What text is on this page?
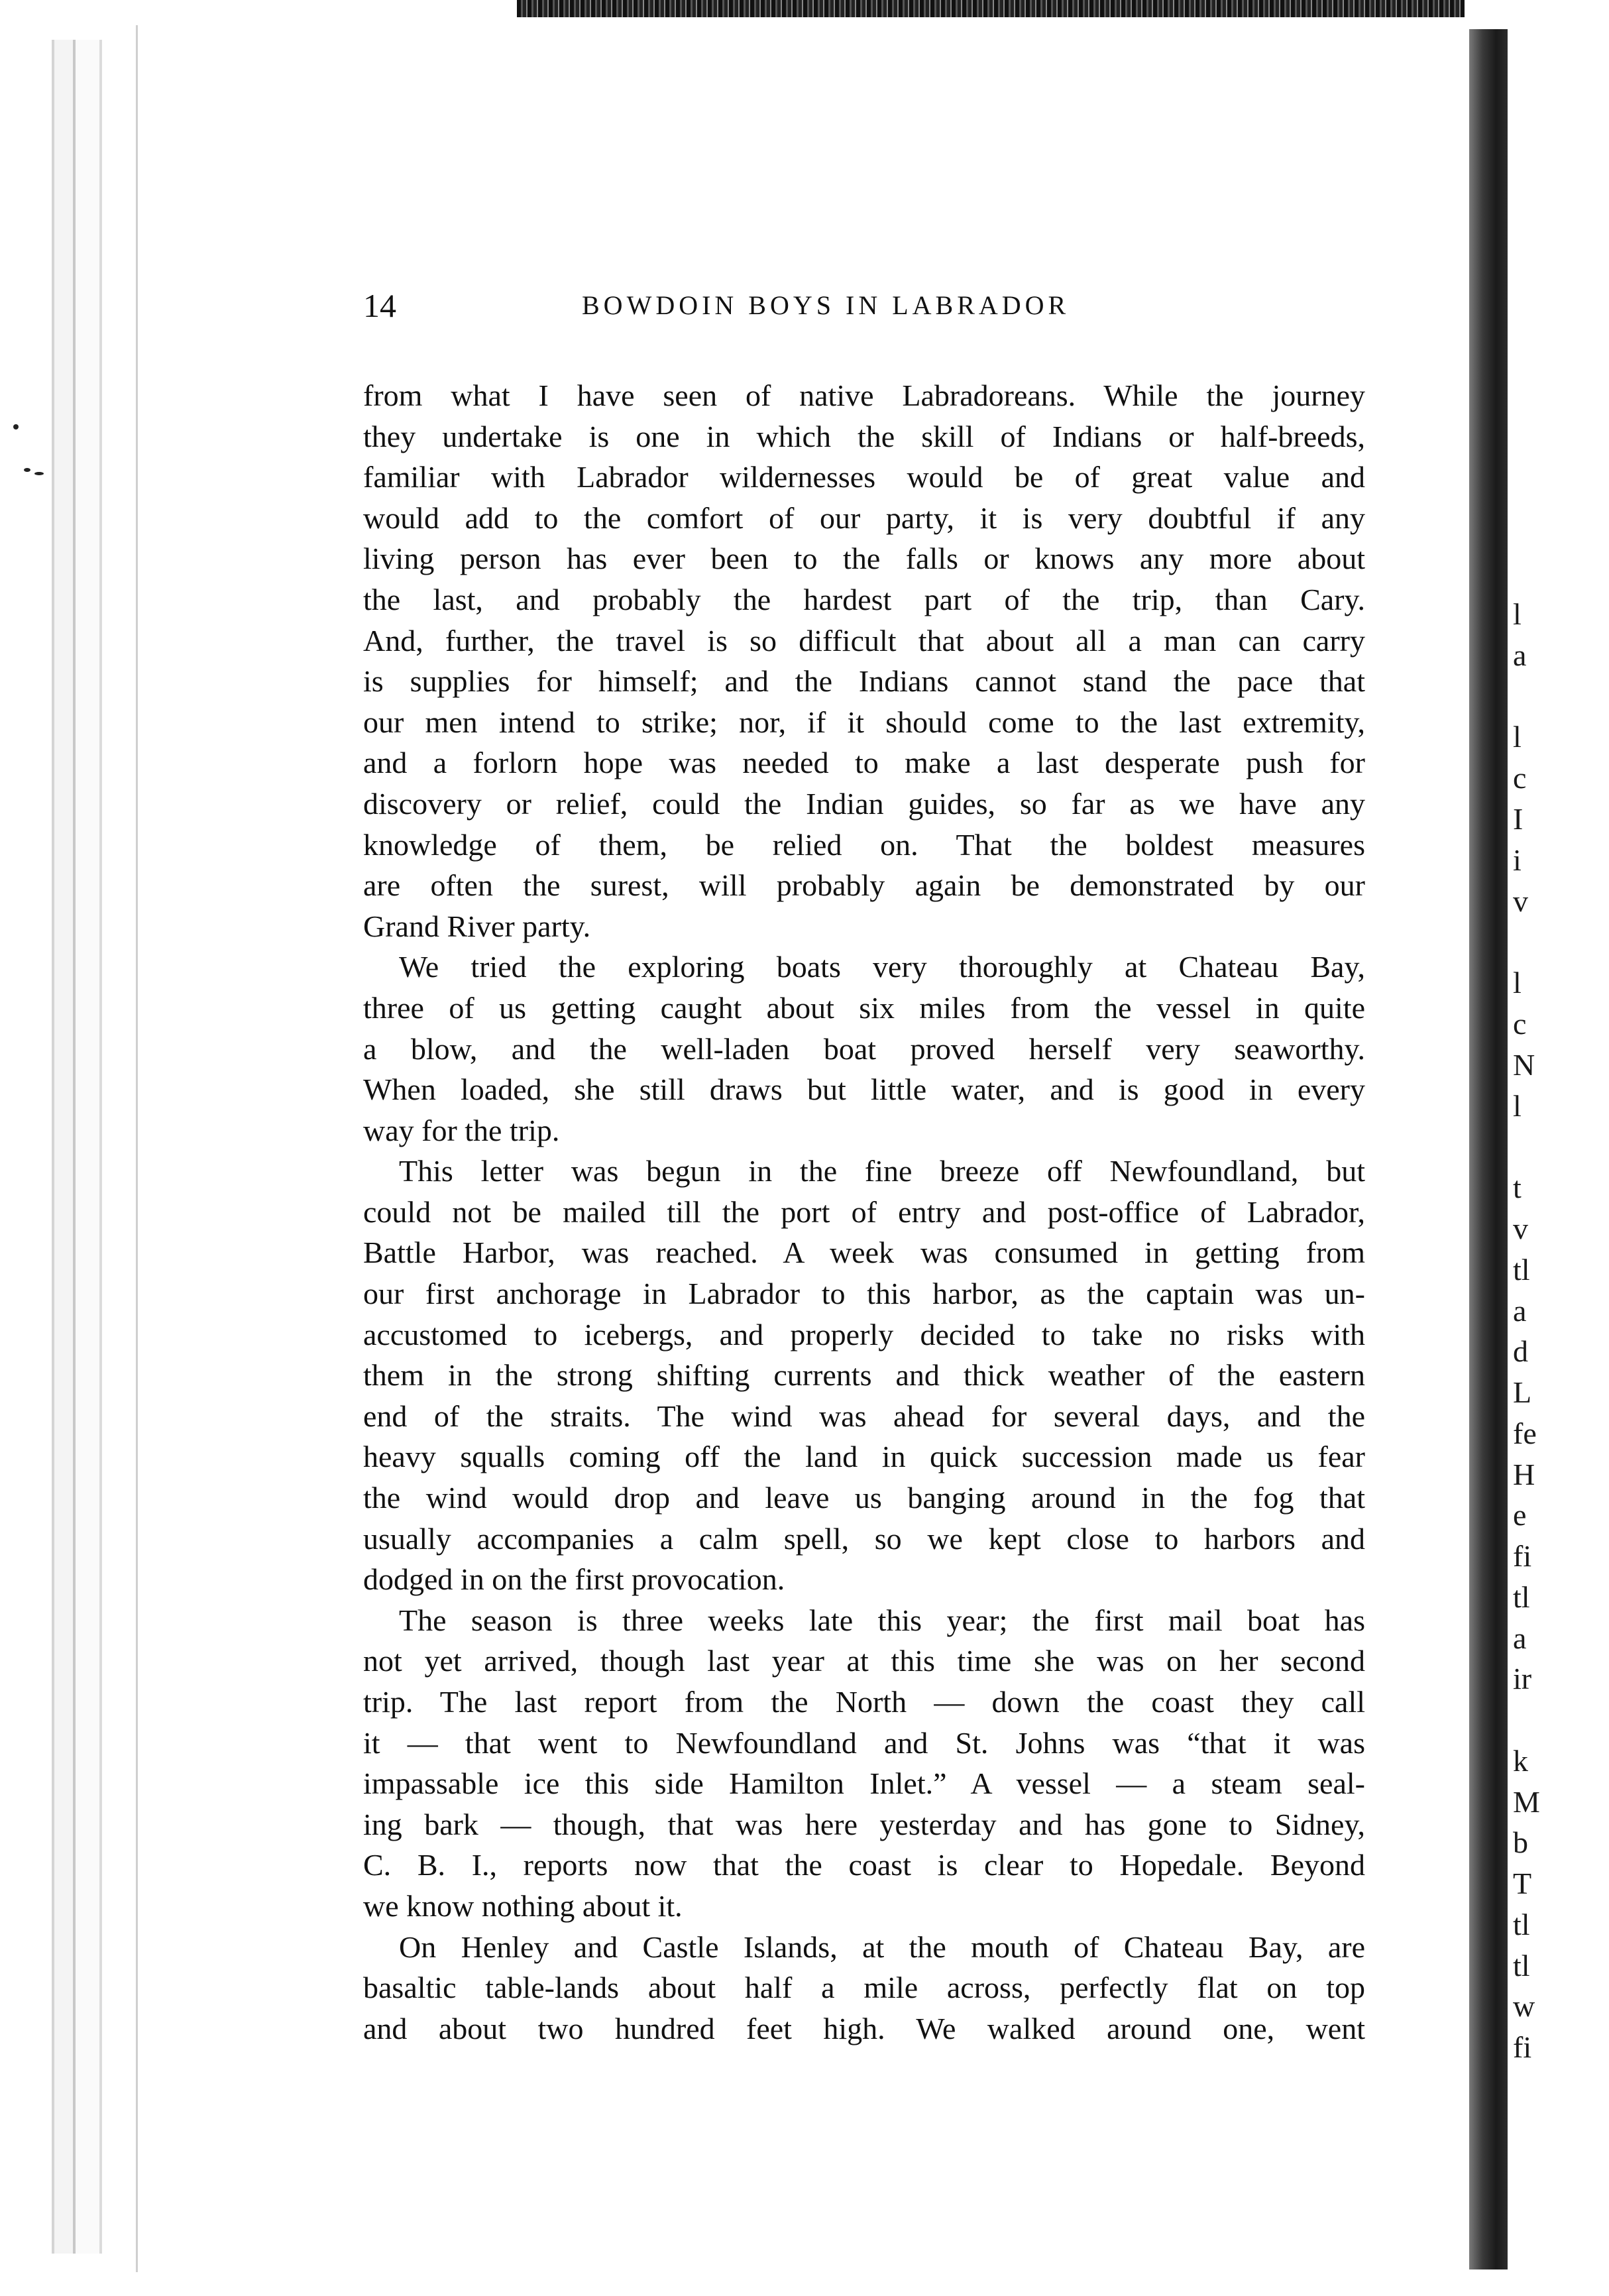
l
a
l
c
I
i
v
l
c
N
l
t
v
tl
a
d
L
fe
H
e
fi
tl
a
ir
k
M
b
T
tl
tl
w
fi
14	BOWDOIN BOYS IN LABRADOR
from what I have seen of native Labradoreans. While the journey
they undertake is one in which the skill of Indians or half-breeds,
familiar with Labrador wildernesses would be of great value and
would add to the comfort of our party, it is very doubtful if any
living person has ever been to the falls or knows any more about
the last, and probably the hardest part of the trip, than Cary.
And, further, the travel is so difficult that about all a man can carry
is supplies for himself; and the Indians cannot stand the pace that
our men intend to strike; nor, if it should come to the last extremity,
and a forlorn hope was needed to make a last desperate push for
discovery or relief, could the Indian guides, so far as we have any
knowledge of them, be relied on. That the boldest measures
are often the surest, will probably again be demonstrated by our
Grand River party.
We tried the exploring boats very thoroughly at Chateau Bay,
three of us getting caught about six miles from the vessel in quite
a blow, and the well-laden boat proved herself very seaworthy.
When loaded, she still draws but little water, and is good in every
way for the trip.
This letter was begun in the fine breeze off Newfoundland, but
could not be mailed till the port of entry and post-office of Labrador,
Battle Harbor, was reached. A week was consumed in getting from
our first anchorage in Labrador to this harbor, as the captain was un-
accustomed to icebergs, and properly decided to take no risks with
them in the strong shifting currents and thick weather of the eastern
end of the straits. The wind was ahead for several days, and the
heavy squalls coming off the land in quick succession made us fear
the wind would drop and leave us banging around in the fog that
usually accompanies a calm spell, so we kept close to harbors and
dodged in on the first provocation.
The season is three weeks late this year; the first mail boat has
not yet arrived, though last year at this time she was on her second
trip. The last report from the North — down the coast they call
it — that went to Newfoundland and St. Johns was “that it was
impassable ice this side Hamilton Inlet.” A vessel — a steam seal-
ing bark — though, that was here yesterday and has gone to Sidney,
C. B. I., reports now that the coast is clear to Hopedale. Beyond
we know nothing about it.
On Henley and Castle Islands, at the mouth of Chateau Bay, are
basaltic table-lands about half a mile across, perfectly flat on top
and about two hundred feet high. We walked around one, went
